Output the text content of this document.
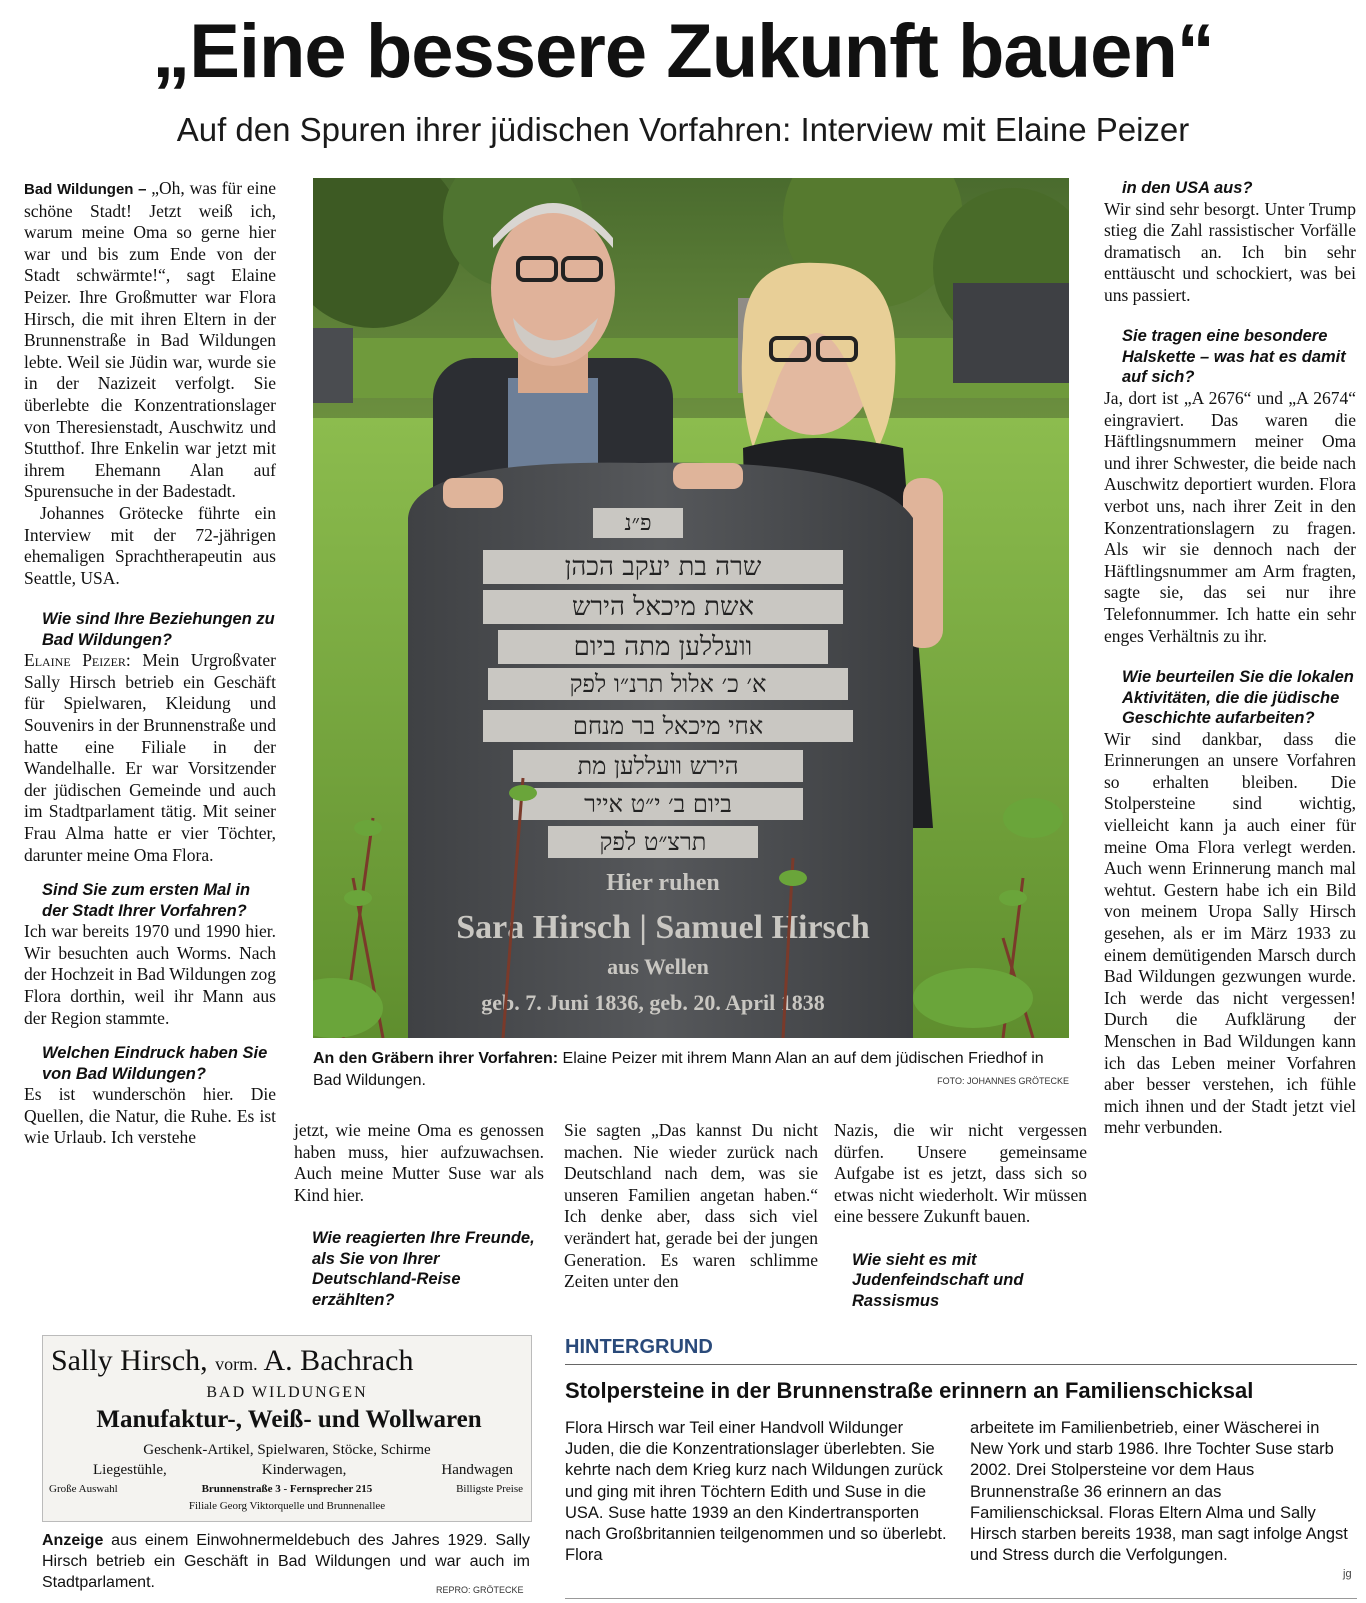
„Eine bessere Zukunft bauen“
Auf den Spuren ihrer jüdischen Vorfahren: Interview mit Elaine Peizer

Bad Wildungen – „Oh, was für eine schöne Stadt! Jetzt weiß ich, warum meine Oma so gerne hier war und bis zum Ende von der Stadt schwärmte!“, sagt Elaine Peizer. Ihre Großmutter war Flora Hirsch, die mit ihren Eltern in der Brunnenstraße in Bad Wildungen lebte. Weil sie Jüdin war, wurde sie in der Nazizeit verfolgt. Sie überlebte die Konzentrationslager von Theresienstadt, Auschwitz und Stutthof. Ihre Enkelin war jetzt mit ihrem Ehemann Alan auf Spurensuche in der Badestadt.

Johannes Grötecke führte ein Interview mit der 72-jährigen ehemaligen Sprachtherapeutin aus Seattle, USA.

Wie sind Ihre Beziehungen zu Bad Wildungen?

Elaine Peizer: Mein Urgroßvater Sally Hirsch betrieb ein Geschäft für Spielwaren, Kleidung und Souvenirs in der Brunnenstraße und hatte eine Filiale in der Wandelhalle. Er war Vorsitzender der jüdischen Gemeinde und auch im Stadtparlament tätig. Mit seiner Frau Alma hatte er vier Töchter, darunter meine Oma Flora.

Sind Sie zum ersten Mal in der Stadt Ihrer Vorfahren?

Ich war bereits 1970 und 1990 hier. Wir besuchten auch Worms. Nach der Hochzeit in Bad Wildungen zog Flora dorthin, weil ihr Mann aus der Region stammte.

Welchen Eindruck haben Sie von Bad Wildungen?

Es ist wunderschön hier. Die Quellen, die Natur, die Ruhe. Es ist wie Urlaub. Ich verstehe

פ״נ
שרה בת יעקב הכהן
אשת מיכאל הירש
וועללען מתה ביום
א׳ כ׳ אלול תרנ״ו לפק
אחי מיכאל בר מנחם
הירש וועללען מת
ביום ב׳ י״ט אייר
תרצ״ט לפק
Hier ruhen
Sara Hirsch | Samuel Hirsch
aus Wellen
geb. 7. Juni 1836, geb. 20. April 1838
An den Gräbern ihrer Vorfahren: Elaine Peizer mit ihrem Mann Alan an auf dem jüdischen Friedhof in Bad Wildungen.	FOTO: JOHANNES GRÖTECKE

jetzt, wie meine Oma es genossen haben muss, hier aufzuwachsen. Auch meine Mutter Suse war als Kind hier.

Wie reagierten Ihre Freunde, als Sie von Ihrer Deutschland-Reise erzählten?

Sie sagten „Das kannst Du nicht machen. Nie wieder zurück nach Deutschland nach dem, was sie unseren Familien angetan haben.“ Ich denke aber, dass sich viel verändert hat, gerade bei der jungen Generation. Es waren schlimme Zeiten unter den

Nazis, die wir nicht vergessen dürfen. Unsere gemeinsame Aufgabe ist es jetzt, dass sich so etwas nicht wiederholt. Wir müssen eine bessere Zukunft bauen.

Wie sieht es mit Judenfeindschaft und Rassismus

in den USA aus?

Wir sind sehr besorgt. Unter Trump stieg die Zahl rassistischer Vorfälle dramatisch an. Ich bin sehr enttäuscht und schockiert, was bei uns passiert.

Sie tragen eine besondere Halskette – was hat es damit auf sich?

Ja, dort ist „A 2676“ und „A 2674“ eingraviert. Das waren die Häftlingsnummern meiner Oma und ihrer Schwester, die beide nach Auschwitz deportiert wurden. Flora verbot uns, nach ihrer Zeit in den Konzentrationslagern zu fragen. Als wir sie dennoch nach der Häftlingsnummer am Arm fragten, sagte sie, das sei nur ihre Telefonnummer. Ich hatte ein sehr enges Verhältnis zu ihr.

Wie beurteilen Sie die lokalen Aktivitäten, die die jüdische Geschichte aufarbeiten?

Wir sind dankbar, dass die Erinnerungen an unsere Vorfahren so erhalten bleiben. Die Stolpersteine sind wichtig, vielleicht kann ja auch einer für meine Oma Flora verlegt werden. Auch wenn Erinnerung manch mal wehtut. Gestern habe ich ein Bild von meinem Uropa Sally Hirsch gesehen, als er im März 1933 zu einem demütigenden Marsch durch Bad Wildungen gezwungen wurde. Ich werde das nicht vergessen! Durch die Aufklärung der Menschen in Bad Wildungen kann ich das Leben meiner Vorfahren aber besser verstehen, ich fühle mich ihnen und der Stadt jetzt viel mehr verbunden.

Sally Hirsch, vorm. A. Bachrach
BAD WILDUNGEN
Manufaktur-, Weiß- und Wollwaren
Geschenk-Artikel, Spielwaren, Stöcke, Schirme
Liegestühle,	Kinderwagen,	Handwagen
Große Auswahl	Brunnenstraße 3 - Fernsprecher 215	Billigste Preise
Filiale Georg Viktorquelle und Brunnenallee
Anzeige aus einem Einwohnermeldebuch des Jahres 1929. Sally Hirsch betrieb ein Geschäft in Bad Wildungen und war auch im Stadtparlament.	REPRO: GRÖTECKE
HINTERGRUND
Stolpersteine in der Brunnenstraße erinnern an Familienschicksal
Flora Hirsch war Teil einer Handvoll Wildunger Juden, die die Konzentrationslager überlebten. Sie kehrte nach dem Krieg kurz nach Wildungen zurück und ging mit ihren Töchtern Edith und Suse in die USA. Suse hatte 1939 an den Kindertransporten nach Großbritannien teilgenommen und so überlebt. Flora
arbeitete im Familienbetrieb, einer Wäscherei in New York und starb 1986. Ihre Tochter Suse starb 2002. Drei Stolpersteine vor dem Haus Brunnenstraße 36 erinnern an das Familienschicksal. Floras Eltern Alma und Sally Hirsch starben bereits 1938, man sagt infolge Angst und Stress durch die Verfolgungen.
jg
